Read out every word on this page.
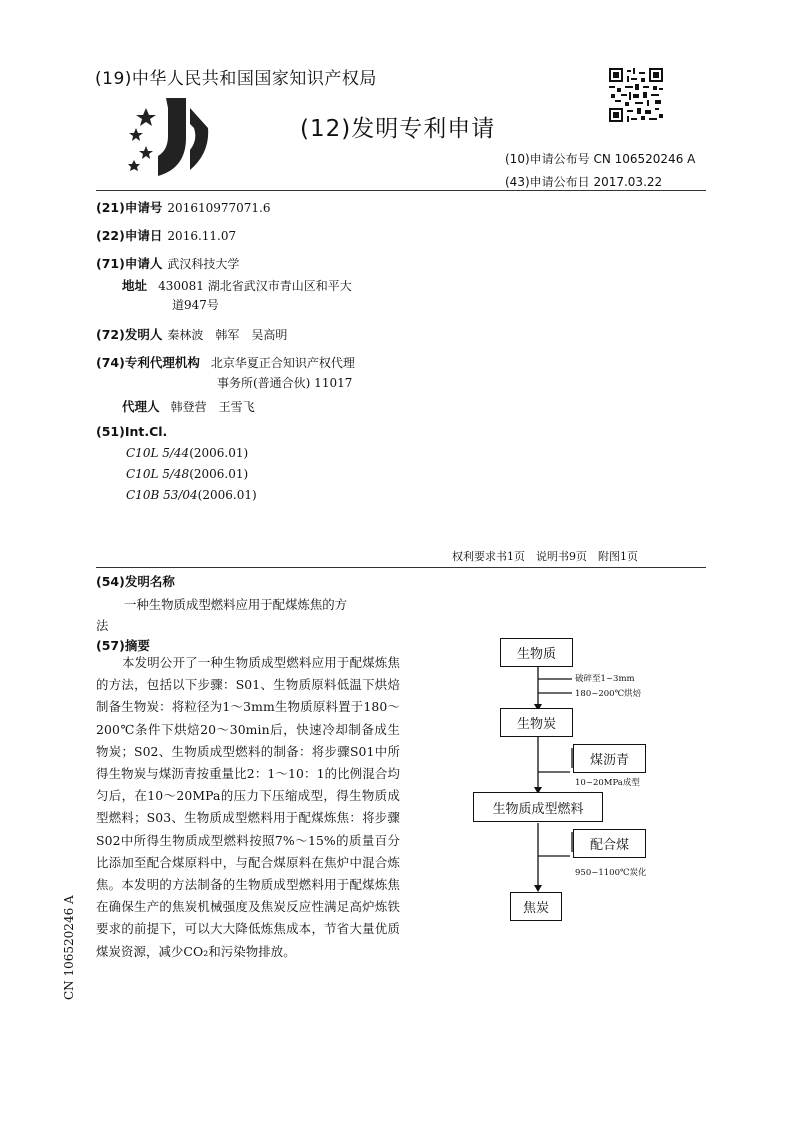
(19)中华人民共和国国家知识产权局
(12)发明专利申请
(10)申请公布号 CN 106520246 A
(43)申请公布日 2017.03.22
(21)申请号 201610977071.6
(22)申请日 2016.11.07
(71)申请人 武汉科技大学
地址 430081 湖北省武汉市青山区和平大
道947号
(72)发明人 秦林波　韩军　吴高明
(74)专利代理机构 北京华夏正合知识产权代理
事务所(普通合伙) 11017
代理人 韩登营　王雪飞
(51)Int.Cl.
C10L 5/44(2006.01)
C10L 5/48(2006.01)
C10B 53/04(2006.01)
权利要求书1页　说明书9页　附图1页
(54)发明名称
一种生物质成型燃料应用于配煤炼焦的方
法
(57)摘要
本发明公开了一种生物质成型燃料应用于配煤炼焦的方法，包括以下步骤：S01、生物质原料低温下烘焙制备生物炭：将粒径为1～3mm生物质原料置于180～200℃条件下烘焙20～30min后，快速冷却制备成生物炭；S02、生物质成型燃料的制备：将步骤S01中所得生物炭与煤沥青按重量比2：1～10：1的比例混合均匀后，在10～20MPa的压力下压缩成型，得生物质成型燃料；S03、生物质成型燃料用于配煤炼焦：将步骤S02中所得生物质成型燃料按照7%～15%的质量百分比添加至配合煤原料中，与配合煤原料在焦炉中混合炼焦。本发明的方法制备的生物质成型燃料用于配煤炼焦在确保生产的焦炭机械强度及焦炭反应性满足高炉炼铁要求的前提下，可以大大降低炼焦成本，节省大量优质煤炭资源，减少CO₂和污染物排放。
CN 106520246 A
生物质
破碎至1~3mm
180~200℃烘焙
生物炭
煤沥青
10~20MPa成型
生物质成型燃料
配合煤
950~1100℃炭化
焦炭
